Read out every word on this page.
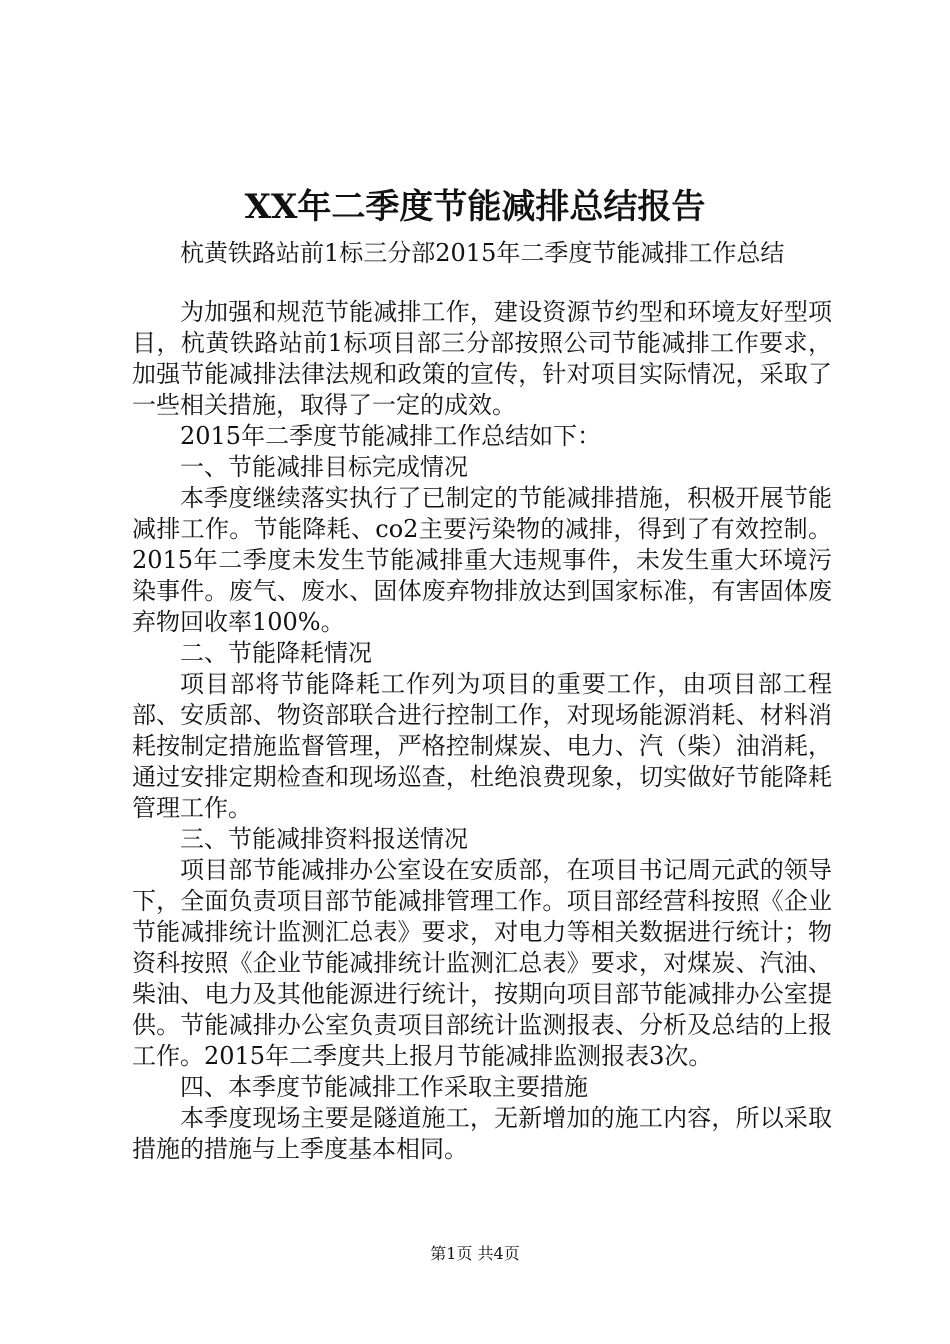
XX年二季度节能减排总结报告
杭黄铁路站前1标三分部2015年二季度节能减排工作总结

为加强和规范节能减排工作，建设资源节约型和环境友好型项目，杭黄铁路站前1标项目部三分部按照公司节能减排工作要求，加强节能减排法律法规和政策的宣传，针对项目实际情况，采取了一些相关措施，取得了一定的成效。

2015年二季度节能减排工作总结如下：

一、节能减排目标完成情况

本季度继续落实执行了已制定的节能减排措施，积极开展节能减排工作。节能降耗、co2主要污染物的减排，得到了有效控制。2015年二季度未发生节能减排重大违规事件，未发生重大环境污染事件。废气、废水、固体废弃物排放达到国家标准，有害固体废弃物回收率100%。

二、节能降耗情况

项目部将节能降耗工作列为项目的重要工作，由项目部工程部、安质部、物资部联合进行控制工作，对现场能源消耗、材料消耗按制定措施监督管理，严格控制煤炭、电力、汽（柴）油消耗，通过安排定期检查和现场巡查，杜绝浪费现象，切实做好节能降耗管理工作。

三、节能减排资料报送情况

项目部节能减排办公室设在安质部，在项目书记周元武的领导下，全面负责项目部节能减排管理工作。项目部经营科按照《企业节能减排统计监测汇总表》要求，对电力等相关数据进行统计；物资科按照《企业节能减排统计监测汇总表》要求，对煤炭、汽油、柴油、电力及其他能源进行统计，按期向项目部节能减排办公室提供。节能减排办公室负责项目部统计监测报表、分析及总结的上报工作。2015年二季度共上报月节能减排监测报表3次。

四、本季度节能减排工作采取主要措施

本季度现场主要是隧道施工，无新增加的施工内容，所以采取措施的措施与上季度基本相同。

第1页 共4页
